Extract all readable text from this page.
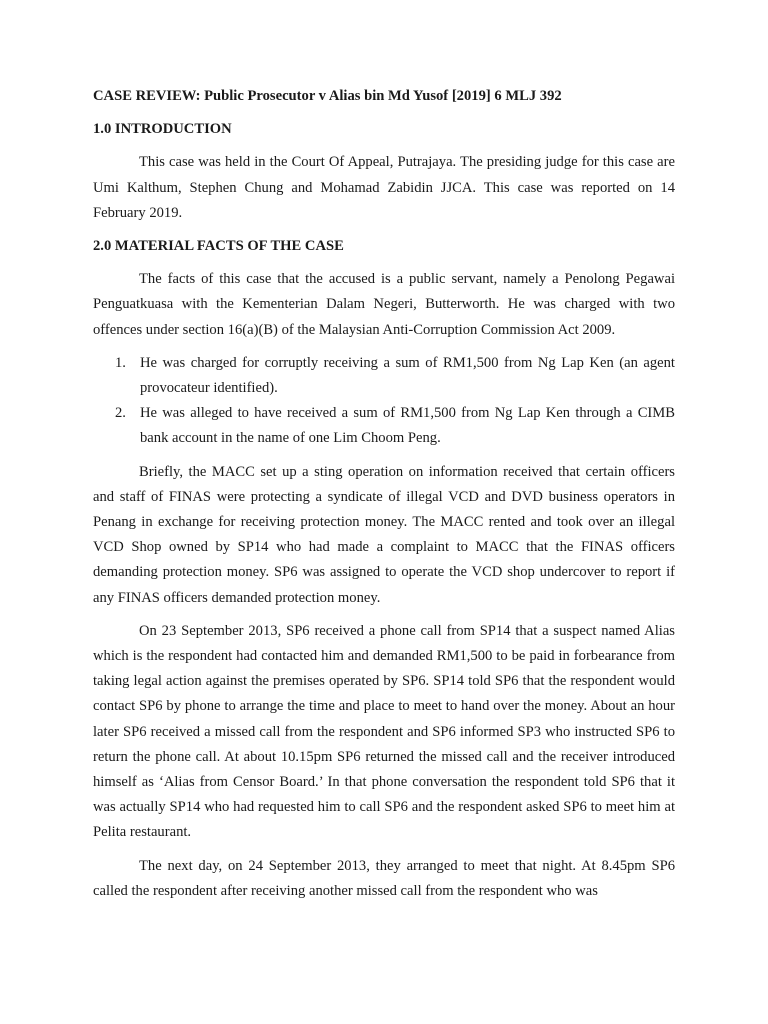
CASE REVIEW: Public Prosecutor v Alias bin Md Yusof [2019] 6 MLJ 392
1.0 INTRODUCTION

This case was held in the Court Of Appeal, Putrajaya. The presiding judge for this case are Umi Kalthum, Stephen Chung and Mohamad Zabidin JJCA. This case was reported on 14 February 2019.

2.0 MATERIAL FACTS OF THE CASE

The facts of this case that the accused is a public servant, namely a Penolong Pegawai Penguatkuasa with the Kementerian Dalam Negeri, Butterworth. He was charged with two offences under section 16(a)(B) of the Malaysian Anti-Corruption Commission Act 2009.

1. He was charged for corruptly receiving a sum of RM1,500 from Ng Lap Ken (an agent provocateur identified).
2. He was alleged to have received a sum of RM1,500 from Ng Lap Ken through a CIMB bank account in the name of one Lim Choom Peng.

Briefly, the MACC set up a sting operation on information received that certain officers and staff of FINAS were protecting a syndicate of illegal VCD and DVD business operators in Penang in exchange for receiving protection money. The MACC rented and took over an illegal VCD Shop owned by SP14 who had made a complaint to MACC that the FINAS officers demanding protection money. SP6 was assigned to operate the VCD shop undercover to report if any FINAS officers demanded protection money.

On 23 September 2013, SP6 received a phone call from SP14 that a suspect named Alias which is the respondent had contacted him and demanded RM1,500 to be paid in forbearance from taking legal action against the premises operated by SP6. SP14 told SP6 that the respondent would contact SP6 by phone to arrange the time and place to meet to hand over the money. About an hour later SP6 received a missed call from the respondent and SP6 informed SP3 who instructed SP6 to return the phone call. At about 10.15pm SP6 returned the missed call and the receiver introduced himself as ‘Alias from Censor Board.’ In that phone conversation the respondent told SP6 that it was actually SP14 who had requested him to call SP6 and the respondent asked SP6 to meet him at Pelita restaurant.

The next day, on 24 September 2013, they arranged to meet that night. At 8.45pm SP6 called the respondent after receiving another missed call from the respondent who was
